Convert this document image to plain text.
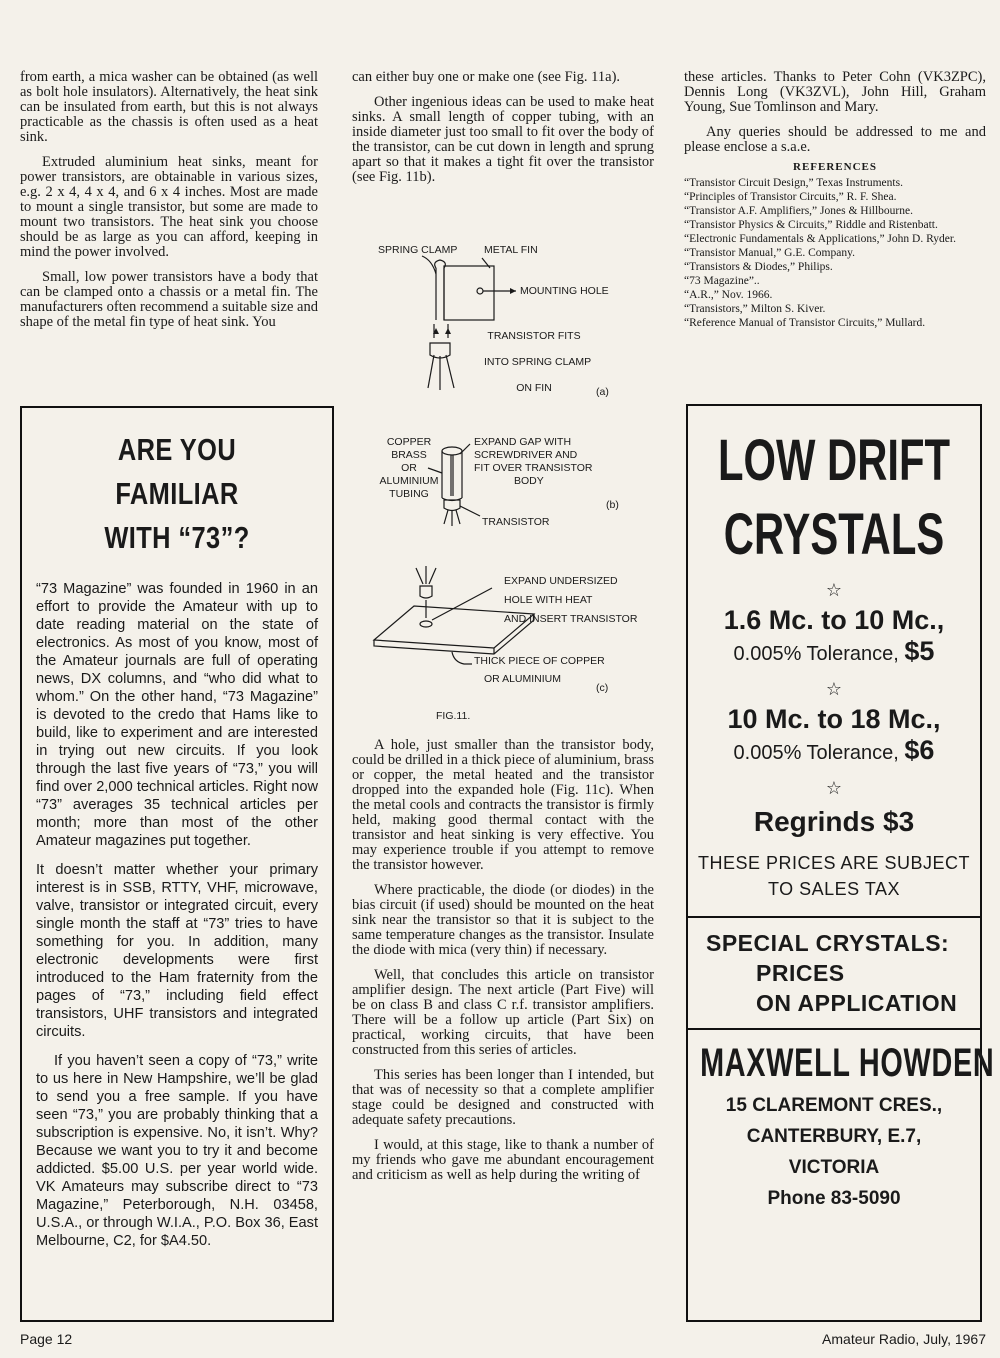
from earth, a mica washer can be obtained (as well as bolt hole insulators). Alternatively, the heat sink can be insulated from earth, but this is not always practicable as the chassis is often used as a heat sink.

Extruded aluminium heat sinks, meant for power transistors, are obtainable in various sizes, e.g. 2 x 4, 4 x 4, and 6 x 4 inches. Most are made to mount a single transistor, but some are made to mount two transistors. The heat sink you choose should be as large as you can afford, keeping in mind the power involved.

Small, low power transistors have a body that can be clamped onto a chassis or a metal fin. The manufacturers often recommend a suitable size and shape of the metal fin type of heat sink. You

ARE YOU FAMILIAR
WITH “73”?

“73 Magazine” was founded in 1960 in an effort to provide the Amateur with up to date reading material on the state of electronics. As most of you know, most of the Amateur journals are full of operating news, DX columns, and “who did what to whom.” On the other hand, “73 Magazine” is devoted to the credo that Hams like to build, like to experiment and are interested in trying out new circuits. If you look through the last five years of “73,” you will find over 2,000 technical articles. Right now “73” averages 35 technical articles per month; more than most of the other Amateur magazines put together.

It doesn’t matter whether your primary interest is in SSB, RTTY, VHF, microwave, valve, transistor or integrated circuit, every single month the staff at “73” tries to have something for you. In addition, many electronic developments were first introduced to the Ham fraternity from the pages of “73,” including field effect transistors, UHF transistors and integrated circuits.

If you haven’t seen a copy of “73,” write to us here in New Hampshire, we’ll be glad to send you a free sample. If you have seen “73,” you are probably thinking that a subscription is expensive. No, it isn’t. Why? Because we want you to try it and become addicted. $5.00 U.S. per year world wide. VK Amateurs may subscribe direct to “73 Magazine,” Peterborough, N.H. 03458, U.S.A., or through W.I.A., P.O. Box 36, East Melbourne, C2, for $A4.50.

can either buy one or make one (see Fig. 11a).

Other ingenious ideas can be used to make heat sinks. A small length of copper tubing, with an inside diameter just too small to fit over the body of the transistor, can be cut down in length and sprung apart so that it makes a tight fit over the transistor (see Fig. 11b).

A hole, just smaller than the transistor body, could be drilled in a thick piece of aluminium, brass or copper, the metal heated and the transistor dropped into the expanded hole (Fig. 11c). When the metal cools and contracts the transistor is firmly held, making good thermal contact with the transistor and heat sinking is very effective. You may experience trouble if you attempt to remove the transistor however.

Where practicable, the diode (or diodes) in the bias circuit (if used) should be mounted on the heat sink near the transistor so that it is subject to the same temperature changes as the transistor. Insulate the diode with mica (very thin) if necessary.

Well, that concludes this article on transistor amplifier design. The next article (Part Five) will be on class B and class C r.f. transistor amplifiers. There will be a follow up article (Part Six) on practical, working circuits, that have been constructed from this series of articles.

This series has been longer than I intended, but that was of necessity so that a complete amplifier stage could be designed and constructed with adequate safety precautions.

I would, at this stage, like to thank a number of my friends who gave me abundant encouragement and criticism as well as help during the writing of

SPRING CLAMP	METAL FIN
MOUNTING HOLE
TRANSISTOR FITS

INTO SPRING CLAMP

ON FIN	(a)
COPPER
BRASS
OR
ALUMINIUM
TUBING
EXPAND GAP WITH
SCREWDRIVER AND
FIT OVER TRANSISTOR
BODY
TRANSISTOR
(b)
EXPAND UNDERSIZED
HOLE WITH HEAT
AND INSERT TRANSISTOR
THICK PIECE OF COPPER
OR ALUMINIUM
(c)
FIG.11.

these articles. Thanks to Peter Cohn (VK3ZPC), Dennis Long (VK3ZVL), John Hill, Graham Young, Sue Tomlinson and Mary.

Any queries should be addressed to me and please enclose a s.a.e.

REFERENCES
“Transistor Circuit Design,” Texas Instruments.
“Principles of Transistor Circuits,” R. F. Shea.
“Transistor A.F. Amplifiers,” Jones & Hillbourne.
“Transistor Physics & Circuits,” Riddle and Ristenbatt.
“Electronic Fundamentals & Applications,” John D. Ryder.
“Transistor Manual,” G.E. Company.
“Transistors & Diodes,” Philips.
“73 Magazine”..
“A.R.,” Nov. 1966.
“Transistors,” Milton S. Kiver.
“Reference Manual of Transistor Circuits,” Mullard.
LOW DRIFT
CRYSTALS
☆
1.6 Mc. to 10 Mc.,
0.005% Tolerance, $5
☆
10 Mc. to 18 Mc.,
0.005% Tolerance, $6
☆
Regrinds $3
THESE PRICES ARE SUBJECT
TO SALES TAX
SPECIAL CRYSTALS:
PRICES
ON APPLICATION
MAXWELL HOWDEN
15 CLAREMONT CRES.,
CANTERBURY, E.7,
VICTORIA
Phone 83-5090
Page 12	Amateur Radio, July, 1967
